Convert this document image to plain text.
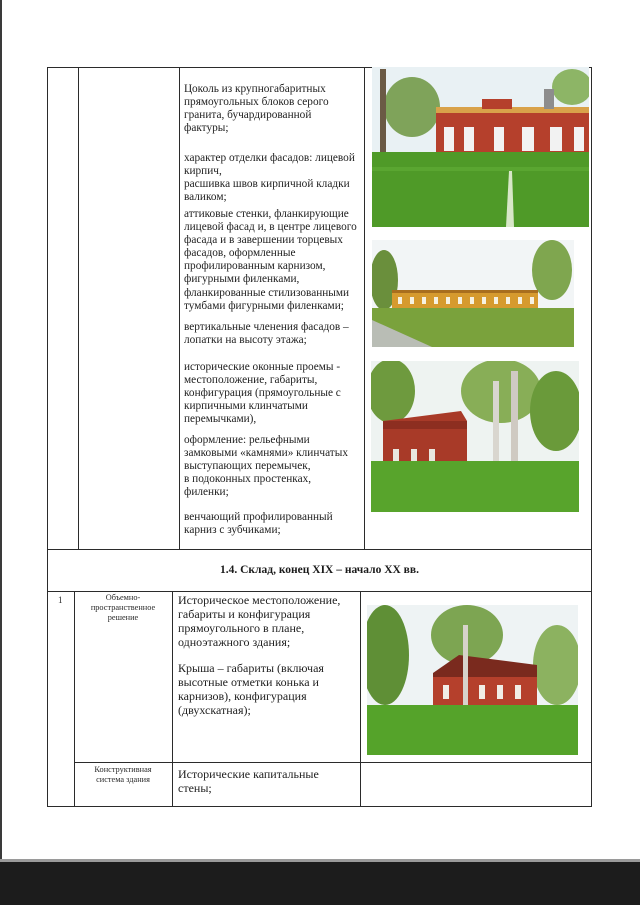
Цоколь из крупногабаритных
прямоугольных блоков серого
гранита, бучардированной
фактуры;
характер отделки фасадов: лицевой
кирпич,
расшивка швов кирпичной кладки
валиком;
аттиковые стенки, фланкирующие
лицевой фасад и, в центре лицевого
фасада и в завершении торцевых
фасадов, оформленные
профилированным карнизом,
фигурными филенками,
фланкированные стилизованными
тумбами фигурными филенками;
вертикальные членения фасадов –
лопатки на высоту этажа;
исторические оконные проемы -
местоположение, габариты,
конфигурация (прямоугольные с
кирпичными клинчатыми
перемычками),
оформление: рельефными
замковыми «камнями» клинчатых
выступающих перемычек,
в подоконных простенках,
филенки;
венчающий профилированный
карниз с зубчиками;
1.4. Склад, конец XIX – начало XX вв.
1	Объемно-
пространственное
решение
Историческое местоположение,
габариты и конфигурация
прямоугольного в плане,
одноэтажного здания;
Крыша – габариты (включая
высотные отметки конька и
карнизов), конфигурация
(двухскатная);
Конструктивная
система здания	Исторические капитальные
стены;
